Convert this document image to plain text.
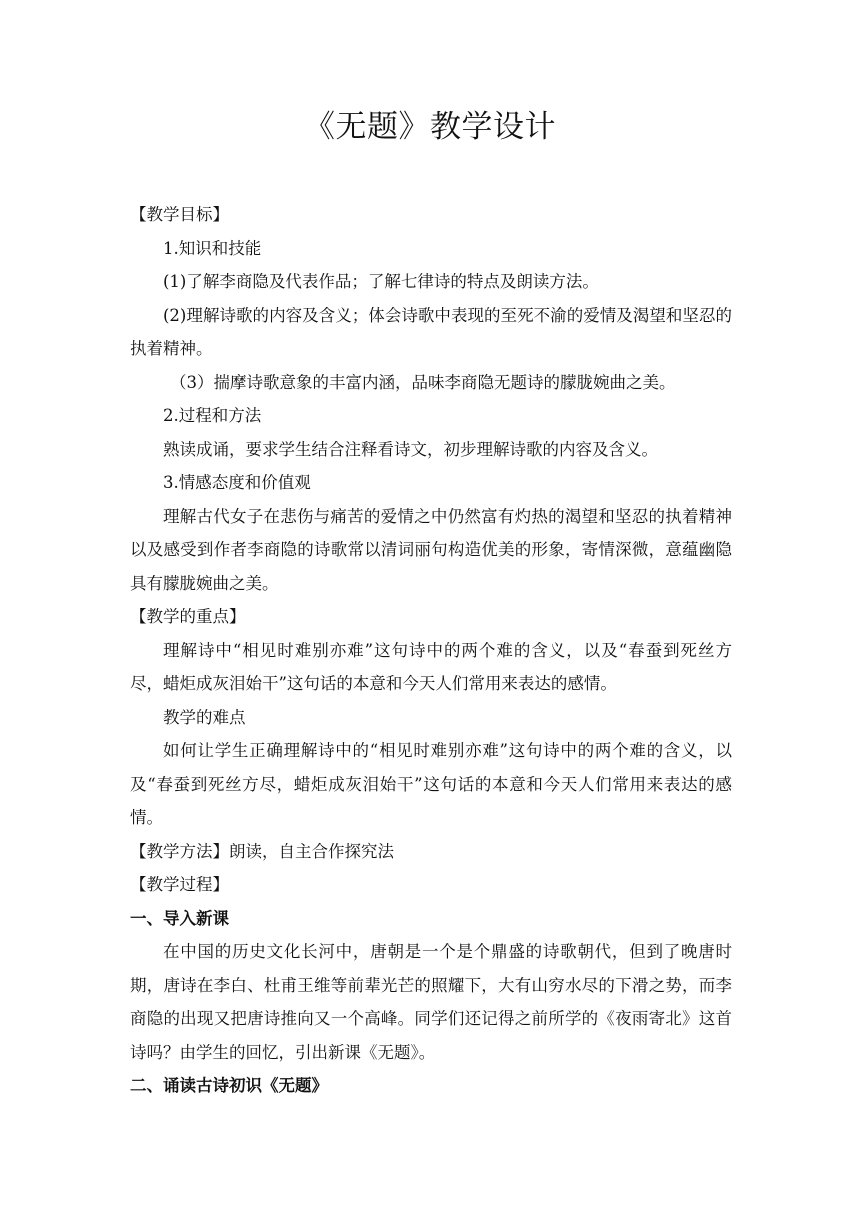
《无题》教学设计

【教学目标】

1.知识和技能

(1)了解李商隐及代表作品；了解七律诗的特点及朗读方法。

(2)理解诗歌的内容及含义；体会诗歌中表现的至死不渝的爱情及渴望和坚忍的执着精神。

（3）揣摩诗歌意象的丰富内涵，品味李商隐无题诗的朦胧婉曲之美。

2.过程和方法

熟读成诵，要求学生结合注释看诗文，初步理解诗歌的内容及含义。

3.情感态度和价值观

理解古代女子在悲伤与痛苦的爱情之中仍然富有灼热的渴望和坚忍的执着精神以及感受到作者李商隐的诗歌常以清词丽句构造优美的形象，寄情深微，意蕴幽隐具有朦胧婉曲之美。

【教学的重点】

理解诗中“相见时难别亦难”这句诗中的两个难的含义，以及“春蚕到死丝方尽，蜡炬成灰泪始干”这句话的本意和今天人们常用来表达的感情。

教学的难点

如何让学生正确理解诗中的“相见时难别亦难”这句诗中的两个难的含义，以及“春蚕到死丝方尽，蜡炬成灰泪始干”这句话的本意和今天人们常用来表达的感情。

【教学方法】朗读，自主合作探究法

【教学过程】

一、导入新课

在中国的历史文化长河中，唐朝是一个是个鼎盛的诗歌朝代，但到了晚唐时期，唐诗在李白、杜甫王维等前辈光芒的照耀下，大有山穷水尽的下滑之势，而李商隐的出现又把唐诗推向又一个高峰。同学们还记得之前所学的《夜雨寄北》这首诗吗？由学生的回忆，引出新课《无题》。

二、诵读古诗初识《无题》
